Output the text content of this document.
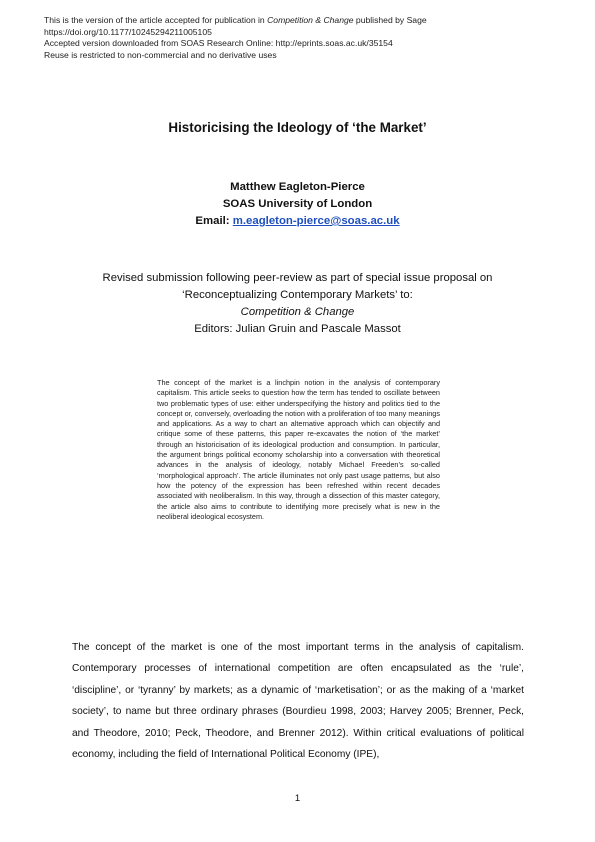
This is the version of the article accepted for publication in Competition & Change published by Sage
https://doi.org/10.1177/1024529421100510​5
Accepted version downloaded from SOAS Research Online: http://eprints.soas.ac.uk/35154
Reuse is restricted to non-commercial and no derivative uses
Historicising the Ideology of ‘the Market’
Matthew Eagleton-Pierce
SOAS University of London
Email: m.eagleton-pierce@soas.ac.uk
Revised submission following peer-review as part of special issue proposal on
‘Reconceptualizing Contemporary Markets’ to:
Competition & Change
Editors: Julian Gruin and Pascale Massot
The concept of the market is a linchpin notion in the analysis of contemporary capitalism. This article seeks to question how the term has tended to oscillate between two problematic types of use: either underspecifying the history and politics tied to the concept or, conversely, overloading the notion with a proliferation of too many meanings and applications. As a way to chart an alternative approach which can objectify and critique some of these patterns, this paper re-excavates the notion of ‘the market’ through an historicisation of its ideological production and consumption. In particular, the argument brings political economy scholarship into a conversation with theoretical advances in the analysis of ideology, notably Michael Freeden’s so-called ‘morphological approach’. The article illuminates not only past usage patterns, but also how the potency of the expression has been refreshed within recent decades associated with neoliberalism. In this way, through a dissection of this master category, the article also aims to contribute to identifying more precisely what is new in the neoliberal ideological ecosystem.
The concept of the market is one of the most important terms in the analysis of capitalism. Contemporary processes of international competition are often encapsulated as the ‘rule’, ‘discipline’, or ‘tyranny’ by markets; as a dynamic of ‘marketisation’; or as the making of a ‘market society’, to name but three ordinary phrases (Bourdieu 1998, 2003; Harvey 2005; Brenner, Peck, and Theodore, 2010; Peck, Theodore, and Brenner 2012). Within critical evaluations of political economy, including the field of International Political Economy (IPE),
1
